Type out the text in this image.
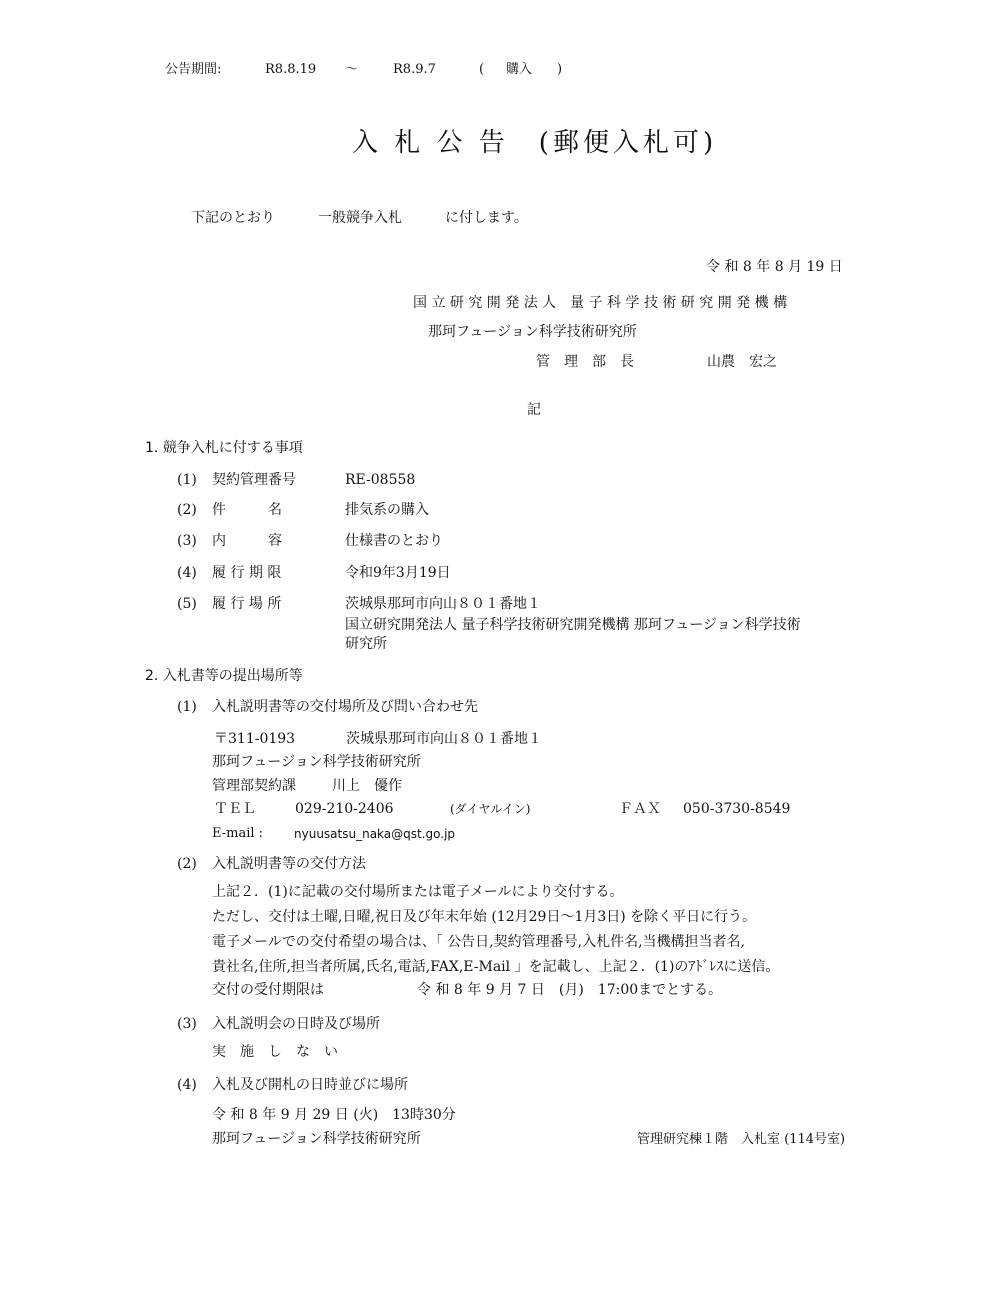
公告期間:	R8.8.19 ～	R8.9.7	( 購入 )
入 札 公 告　(郵便入札可)
下記のとおり	一般競争入札	に付します。
令 和 8 年 8 月 19 日
国 立 研 究 開 発 法 人　量 子 科 学 技 術 研 究 開 発 機 構
那珂フュージョン科学技術研究所
管　理　部　長	山農　宏之
記
1. 競争入札に付する事項
(1) 契約管理番号	RE-08558
(2) 件　　　名	排気系の購入
(3) 内　　　容	仕様書のとおり
(4) 履 行 期 限	令和9年3月19日
(5) 履 行 場 所	茨城県那珂市向山８０１番地１
国立研究開発法人 量子科学技術研究開発機構 那珂フュージョン科学技術
研究所
2. 入札書等の提出場所等
(1) 入札説明書等の交付場所及び問い合わせ先
〒311-0193	茨城県那珂市向山８０１番地１
那珂フュージョン科学技術研究所
管理部契約課	川上　優作
ＴＥＬ	029-210-2406	(ダイヤルイン)	ＦＡＸ 050-3730-8549
E-mail :	nyuusatsu_naka@qst.go.jp
(2) 入札説明書等の交付方法
上記２．(1)に記載の交付場所または電子メールにより交付する。
ただし、交付は土曜,日曜,祝日及び年末年始 (12月29日～1月3日) を除く平日に行う。
電子メールでの交付希望の場合は、「 公告日,契約管理番号,入札件名,当機構担当者名,
貴社名,住所,担当者所属,氏名,電話,FAX,E-Mail 」を記載し、上記２．(1)のｱﾄﾞﾚｽに送信。
交付の受付期限は	令 和 8 年 9 月 7 日　(月)　17:00までとする。
(3) 入札説明会の日時及び場所
実　施　し　な　い
(4) 入札及び開札の日時並びに場所
令 和 8 年 9 月 29 日 (火)　13時30分
那珂フュージョン科学技術研究所	管理研究棟１階　入札室 (114号室)
